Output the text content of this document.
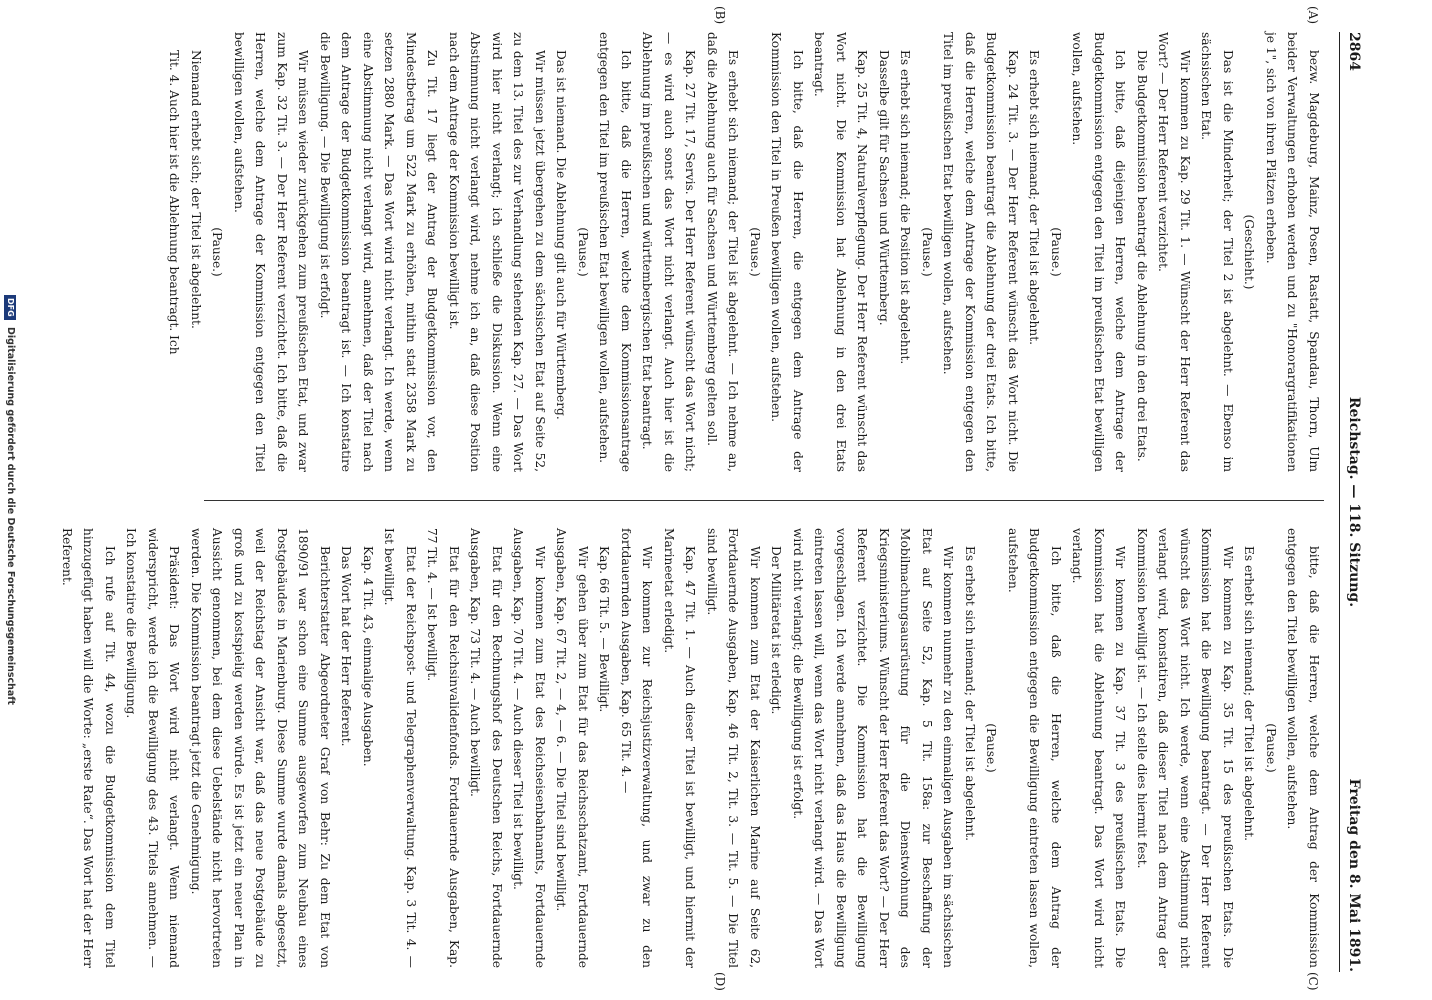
2864
Reichstag. — 118. Sitzung.
Freitag den 8. Mai 1891.
(A)
(B)
(C)
(D)

bezw. Magdeburg, Mainz, Posen, Rastatt, Spandau, Thorn, Ulm beider Verwaltungen erhoben werden und zu "Honorargratifikationen je 1", sich von ihren Plätzen erheben.

(Geschieht.)

Das ist die Minderheit; der Titel 2 ist abgelehnt. — Ebenso im sächsischen Etat.

Wir kommen zu Kap. 29 Tit. 1. — Wünscht der Herr Referent das Wort? — Der Herr Referent verzichtet.

Die Budgetkommission beantragt die Ablehnung in den drei Etats.

Ich bitte, daß diejenigen Herren, welche dem Antrage der Budgetkommission entgegen den Titel im preußischen Etat bewilligen wollen, aufstehen.

(Pause.)

Es erhebt sich niemand; der Titel ist abgelehnt.

Kap. 24 Tit. 3. — Der Herr Referent wünscht das Wort nicht. Die Budgetkommission beantragt die Ablehnung der drei Etats. Ich bitte, daß die Herren, welche dem Antrage der Kommission entgegen den Titel im preußischen Etat bewilligen wollen, aufstehen.

(Pause.)

Es erhebt sich niemand; die Position ist abgelehnt.

Dasselbe gilt für Sachsen und Württemberg.

Kap. 25 Tit. 4, Naturalverpflegung. Der Herr Referent wünscht das Wort nicht. Die Kommission hat Ablehnung in den drei Etats beantragt.

Ich bitte, daß die Herren, die entgegen dem Antrage der Kommission den Titel in Preußen bewilligen wollen, aufstehen.

(Pause.)

Es erhebt sich niemand; der Titel ist abgelehnt. — Ich nehme an, daß die Ablehnung auch für Sachsen und Württemberg gelten soll.

Kap. 27 Tit. 17, Servis. Der Herr Referent wünscht das Wort nicht; — es wird auch sonst das Wort nicht verlangt. Auch hier ist die Ablehnung im preußischen und württembergischen Etat beantragt.

Ich bitte, daß die Herren, welche dem Kommissionsantrage entgegen den Titel im preußischen Etat bewilligen wollen, aufstehen.

(Pause.)

Das ist niemand. Die Ablehnung gilt auch für Württemberg.

Wir müssen jetzt übergehen zu dem sächsischen Etat auf Seite 52, zu dem 13. Titel des zur Verhandlung stehenden Kap. 27. — Das Wort wird hier nicht verlangt; ich schließe die Diskussion. Wenn eine Abstimmung nicht verlangt wird, nehme ich an, daß diese Position nach dem Antrage der Kommission bewilligt ist.

Zu Tit. 17 liegt der Antrag der Budgetkommission vor, den Mindestbetrag um 522 Mark zu erhöhen, mithin statt 2358 Mark zu setzen 2880 Mark. — Das Wort wird nicht verlangt. Ich werde, wenn eine Abstimmung nicht verlangt wird, annehmen, daß der Titel nach dem Antrage der Budgetkommission beantragt ist. — Ich konstatire die Bewilligung. — Die Bewilligung ist erfolgt.

Wir müssen wieder zurückgehen zum preußischen Etat, und zwar zum Kap. 32 Tit. 3. — Der Herr Referent verzichtet. Ich bitte, daß die Herren, welche dem Antrage der Kommission entgegen den Titel bewilligen wollen, aufstehen.

(Pause.)

Niemand erhebt sich; der Titel ist abgelehnt.

Tit. 4. Auch hier ist die Ablehnung beantragt. Ich

bitte, daß die Herren, welche dem Antrag der Kommission entgegen den Titel bewilligen wollen, aufstehen.

(Pause.)

Es erhebt sich niemand; der Titel ist abgelehnt.

Wir kommen zu Kap. 35 Tit. 15 des preußischen Etats. Die Kommission hat die Bewilligung beantragt. — Der Herr Referent wünscht das Wort nicht. Ich werde, wenn eine Abstimmung nicht verlangt wird, konstatiren, daß dieser Titel nach dem Antrag der Kommission bewilligt ist. — Ich stelle dies hiermit fest.

Wir kommen zu Kap. 37 Tit. 3 des preußischen Etats. Die Kommission hat die Ablehnung beantragt. Das Wort wird nicht verlangt.

Ich bitte, daß die Herren, welche dem Antrag der Budgetkommission entgegen die Bewilligung eintreten lassen wollen, aufstehen.

(Pause.)

Es erhebt sich niemand; der Titel ist abgelehnt.

Wir kommen nunmehr zu den einmaligen Ausgaben im sächsischen Etat auf Seite 52, Kap. 5 Tit. 158a: zur Beschaffung der Mobilmachungsausrüstung für die Dienstwohnung des Kriegsministeriums. Wünscht der Herr Referent das Wort? — Der Herr Referent verzichtet. Die Kommission hat die Bewilligung vorgeschlagen. Ich werde annehmen, daß das Haus die Bewilligung eintreten lassen will, wenn das Wort nicht verlangt wird. — Das Wort wird nicht verlangt; die Bewilligung ist erfolgt.

Der Militäretat ist erledigt.

Wir kommen zum Etat der Kaiserlichen Marine auf Seite 62, Fortdauernde Ausgaben, Kap. 46 Tit. 2, Tit. 3. — Tit. 5. — Die Titel sind bewilligt.

Kap. 47 Tit. 1. — Auch dieser Titel ist bewilligt, und hiermit der Marineetat erledigt.

Wir kommen zur Reichsjustizverwaltung, und zwar zu den fortdauernden Ausgaben, Kap. 65 Tit. 4. —

Kap. 66 Tit. 5. — Bewilligt.

Wir gehen über zum Etat für das Reichsschatzamt, Fortdauernde Ausgaben, Kap. 67 Tit. 2, — 4, — 6. — Die Titel sind bewilligt.

Wir kommen zum Etat des Reichseisenbahnamts, Fortdauernde Ausgaben, Kap. 70 Tit. 4. — Auch dieser Titel ist bewilligt.

Etat für den Rechnungshof des Deutschen Reichs, Fortdauernde Ausgaben, Kap. 73 Tit. 4. — Auch bewilligt.

Etat für den Reichsinvalidenfonds. Fortdauernde Ausgaben, Kap. 77 Tit. 4. — Ist bewilligt.

Etat der Reichspost- und Telegraphenverwaltung. Kap. 3 Tit. 4. — Ist bewilligt.

Kap. 4 Tit. 43, einmalige Ausgaben.

Das Wort hat der Herr Referent.

Berichterstatter Abgeordneter Graf von Behr: Zu dem Etat von 1890/91 war schon eine Summe ausgeworfen zum Neubau eines Postgebäudes in Marienburg. Diese Summe wurde damals abgesetzt, weil der Reichstag der Ansicht war, daß das neue Postgebäude zu groß und zu kostspielig werden würde. Es ist jetzt ein neuer Plan in Aussicht genommen, bei dem diese Uebelstände nicht hervortreten werden. Die Kommission beantragt jetzt die Genehmigung.

Präsident: Das Wort wird nicht verlangt. Wenn niemand widerspricht, werde ich die Bewilligung des 43. Titels annehmen. — Ich konstatire die Bewilligung.

Ich rufe auf Tit. 44, wozu die Budgetkommission dem Titel hinzugefügt haben will die Worte: „erste Rate“. Das Wort hat der Herr Referent.

DFG Digitalisierung gefördert durch die Deutsche Forschungsgemeinschaft
